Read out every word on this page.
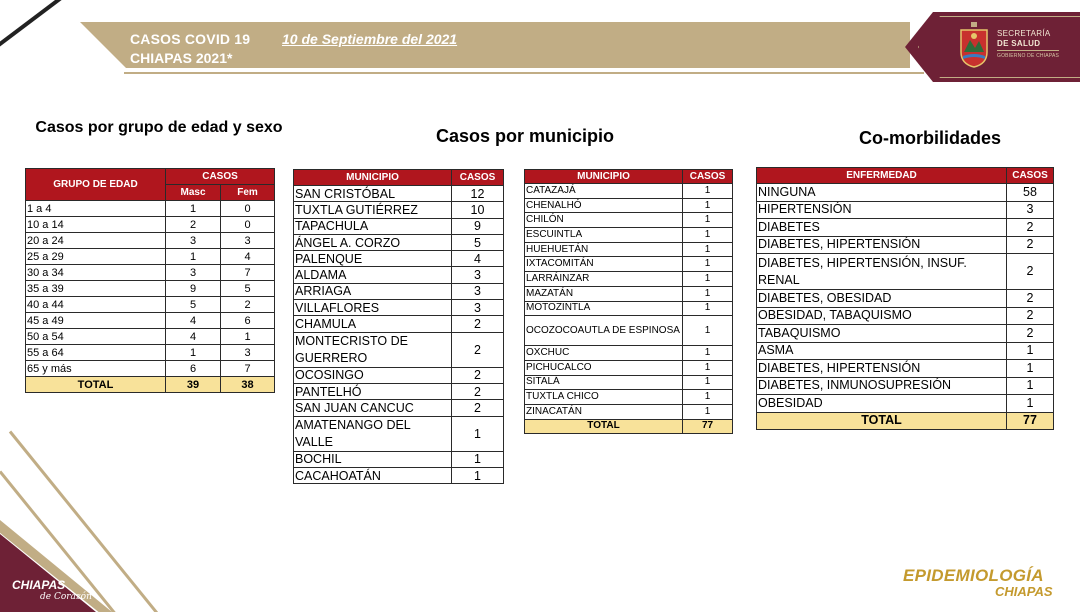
CASOS COVID 19 10 de Septiembre del 2021
CHIAPAS 2021*
SECRETARÍA
DE SALUD
GOBIERNO DE CHIAPAS
Casos por grupo de edad y sexo	Casos por municipio	Co-morbilidades
GRUPO DE EDAD	CASOS	
	Masc	Fem
1 a 4	1	0
10 a 14	2	0
20 a 24	3	3
25 a 29	1	4
30 a 34	3	7
35 a 39	9	5
40 a 44	5	2
45 a 49	4	6
50 a 54	4	1
55 a 64	1	3
65 y más	6	7
TOTAL	39	38
MUNICIPIO	CASOS
SAN CRISTÓBAL	12
TUXTLA GUTIÉRREZ	10
TAPACHULA	9
ÁNGEL A. CORZO	5
PALENQUE	4
ALDAMA	3
ARRIAGA	3
VILLAFLORES	3
CHAMULA	2
MONTECRISTO DE GUERRERO	2
OCOSINGO	2
PANTELHÓ	2
SAN JUAN CANCUC	2
AMATENANGO DEL VALLE	1
BOCHIL	1
CACAHOATÁN	1
MUNICIPIO	CASOS
CATAZAJÁ	1
CHENALHÓ	1
CHILÓN	1
ESCUINTLA	1
HUEHUETÁN	1
IXTACOMITÁN	1
LARRÁINZAR	1
MAZATÁN	1
MOTOZINTLA	1
OCOZOCOAUTLA DE ESPINOSA	1
OXCHUC	1
PICHUCALCO	1
SITALÁ	1
TUXTLA CHICO	1
ZINACATÁN	1
TOTAL	77
ENFERMEDAD	CASOS
NINGUNA	58
HIPERTENSIÓN	3
DIABETES	2
DIABETES, HIPERTENSIÓN	2
DIABETES, HIPERTENSIÓN, INSUF. RENAL	2
DIABETES, OBESIDAD	2
OBESIDAD, TABAQUISMO	2
TABAQUISMO	2
ASMA	1
DIABETES, HIPERTENSIÓN	1
DIABETES, INMUNOSUPRESIÓN	1
OBESIDAD	1
TOTAL	77
CHIAPAS
de Corazón
EPIDEMIOLOGÍA
CHIAPAS
